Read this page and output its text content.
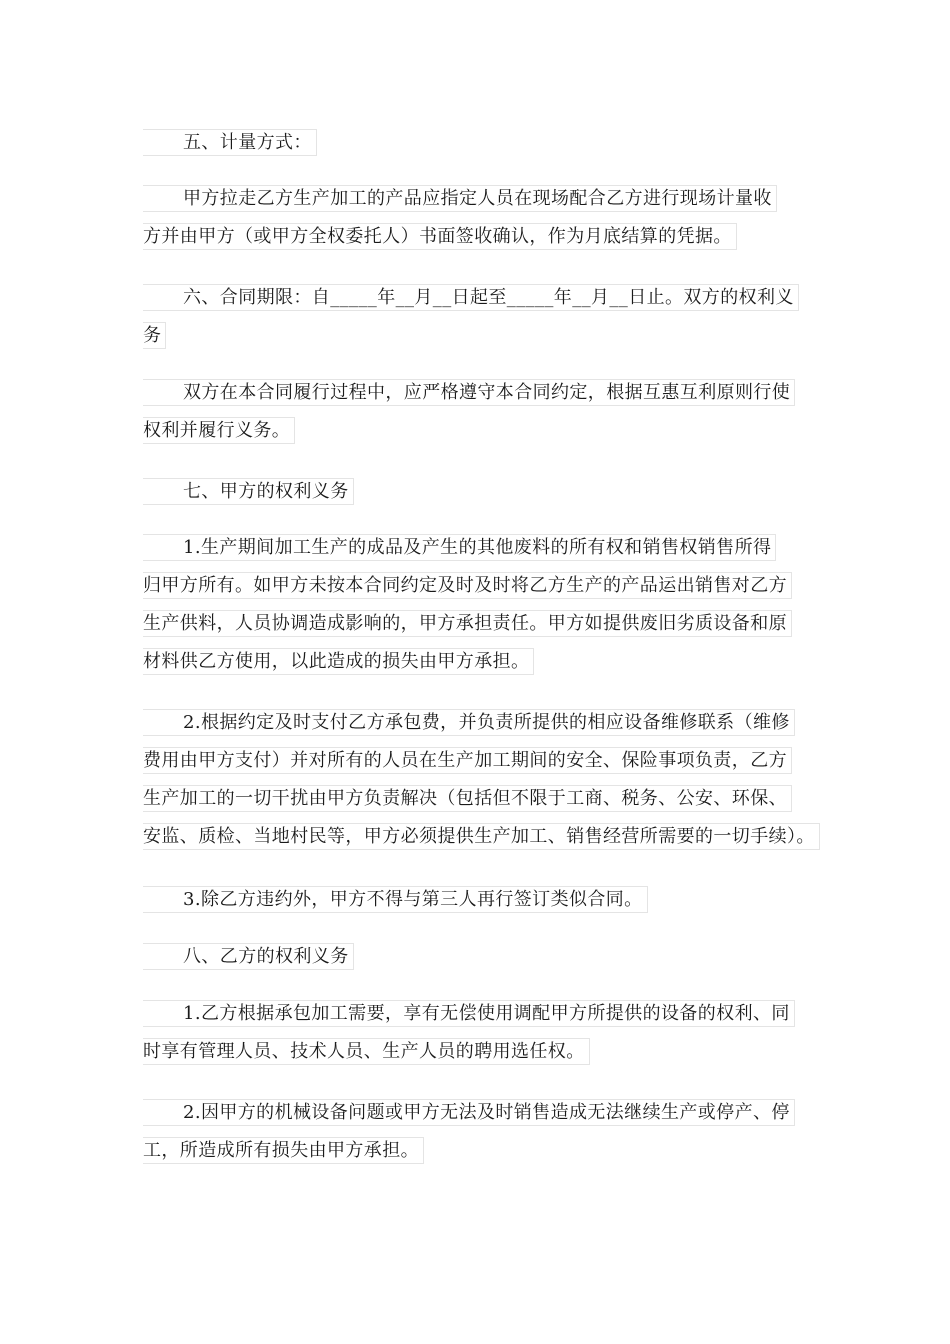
五、计量方式：
甲方拉走乙方生产加工的产品应指定人员在现场配合乙方进行现场计量收
方并由甲方（或甲方全权委托人）书面签收确认，作为月底结算的凭据。
六、合同期限：自_____年__月__日起至_____年__月__日止。双方的权利义
务
双方在本合同履行过程中，应严格遵守本合同约定，根据互惠互利原则行使
权利并履行义务。
七、甲方的权利义务
1.生产期间加工生产的成品及产生的其他废料的所有权和销售权销售所得
归甲方所有。如甲方未按本合同约定及时及时将乙方生产的产品运出销售对乙方
生产供料，人员协调造成影响的，甲方承担责任。甲方如提供废旧劣质设备和原
材料供乙方使用，以此造成的损失由甲方承担。
2.根据约定及时支付乙方承包费，并负责所提供的相应设备维修联系（维修
费用由甲方支付）并对所有的人员在生产加工期间的安全、保险事项负责，乙方
生产加工的一切干扰由甲方负责解决（包括但不限于工商、税务、公安、环保、
安监、质检、当地村民等，甲方必须提供生产加工、销售经营所需要的一切手续）。
3.除乙方违约外，甲方不得与第三人再行签订类似合同。
八、乙方的权利义务
1.乙方根据承包加工需要，享有无偿使用调配甲方所提供的设备的权利、同
时享有管理人员、技术人员、生产人员的聘用选任权。
2.因甲方的机械设备问题或甲方无法及时销售造成无法继续生产或停产、停
工，所造成所有损失由甲方承担。
